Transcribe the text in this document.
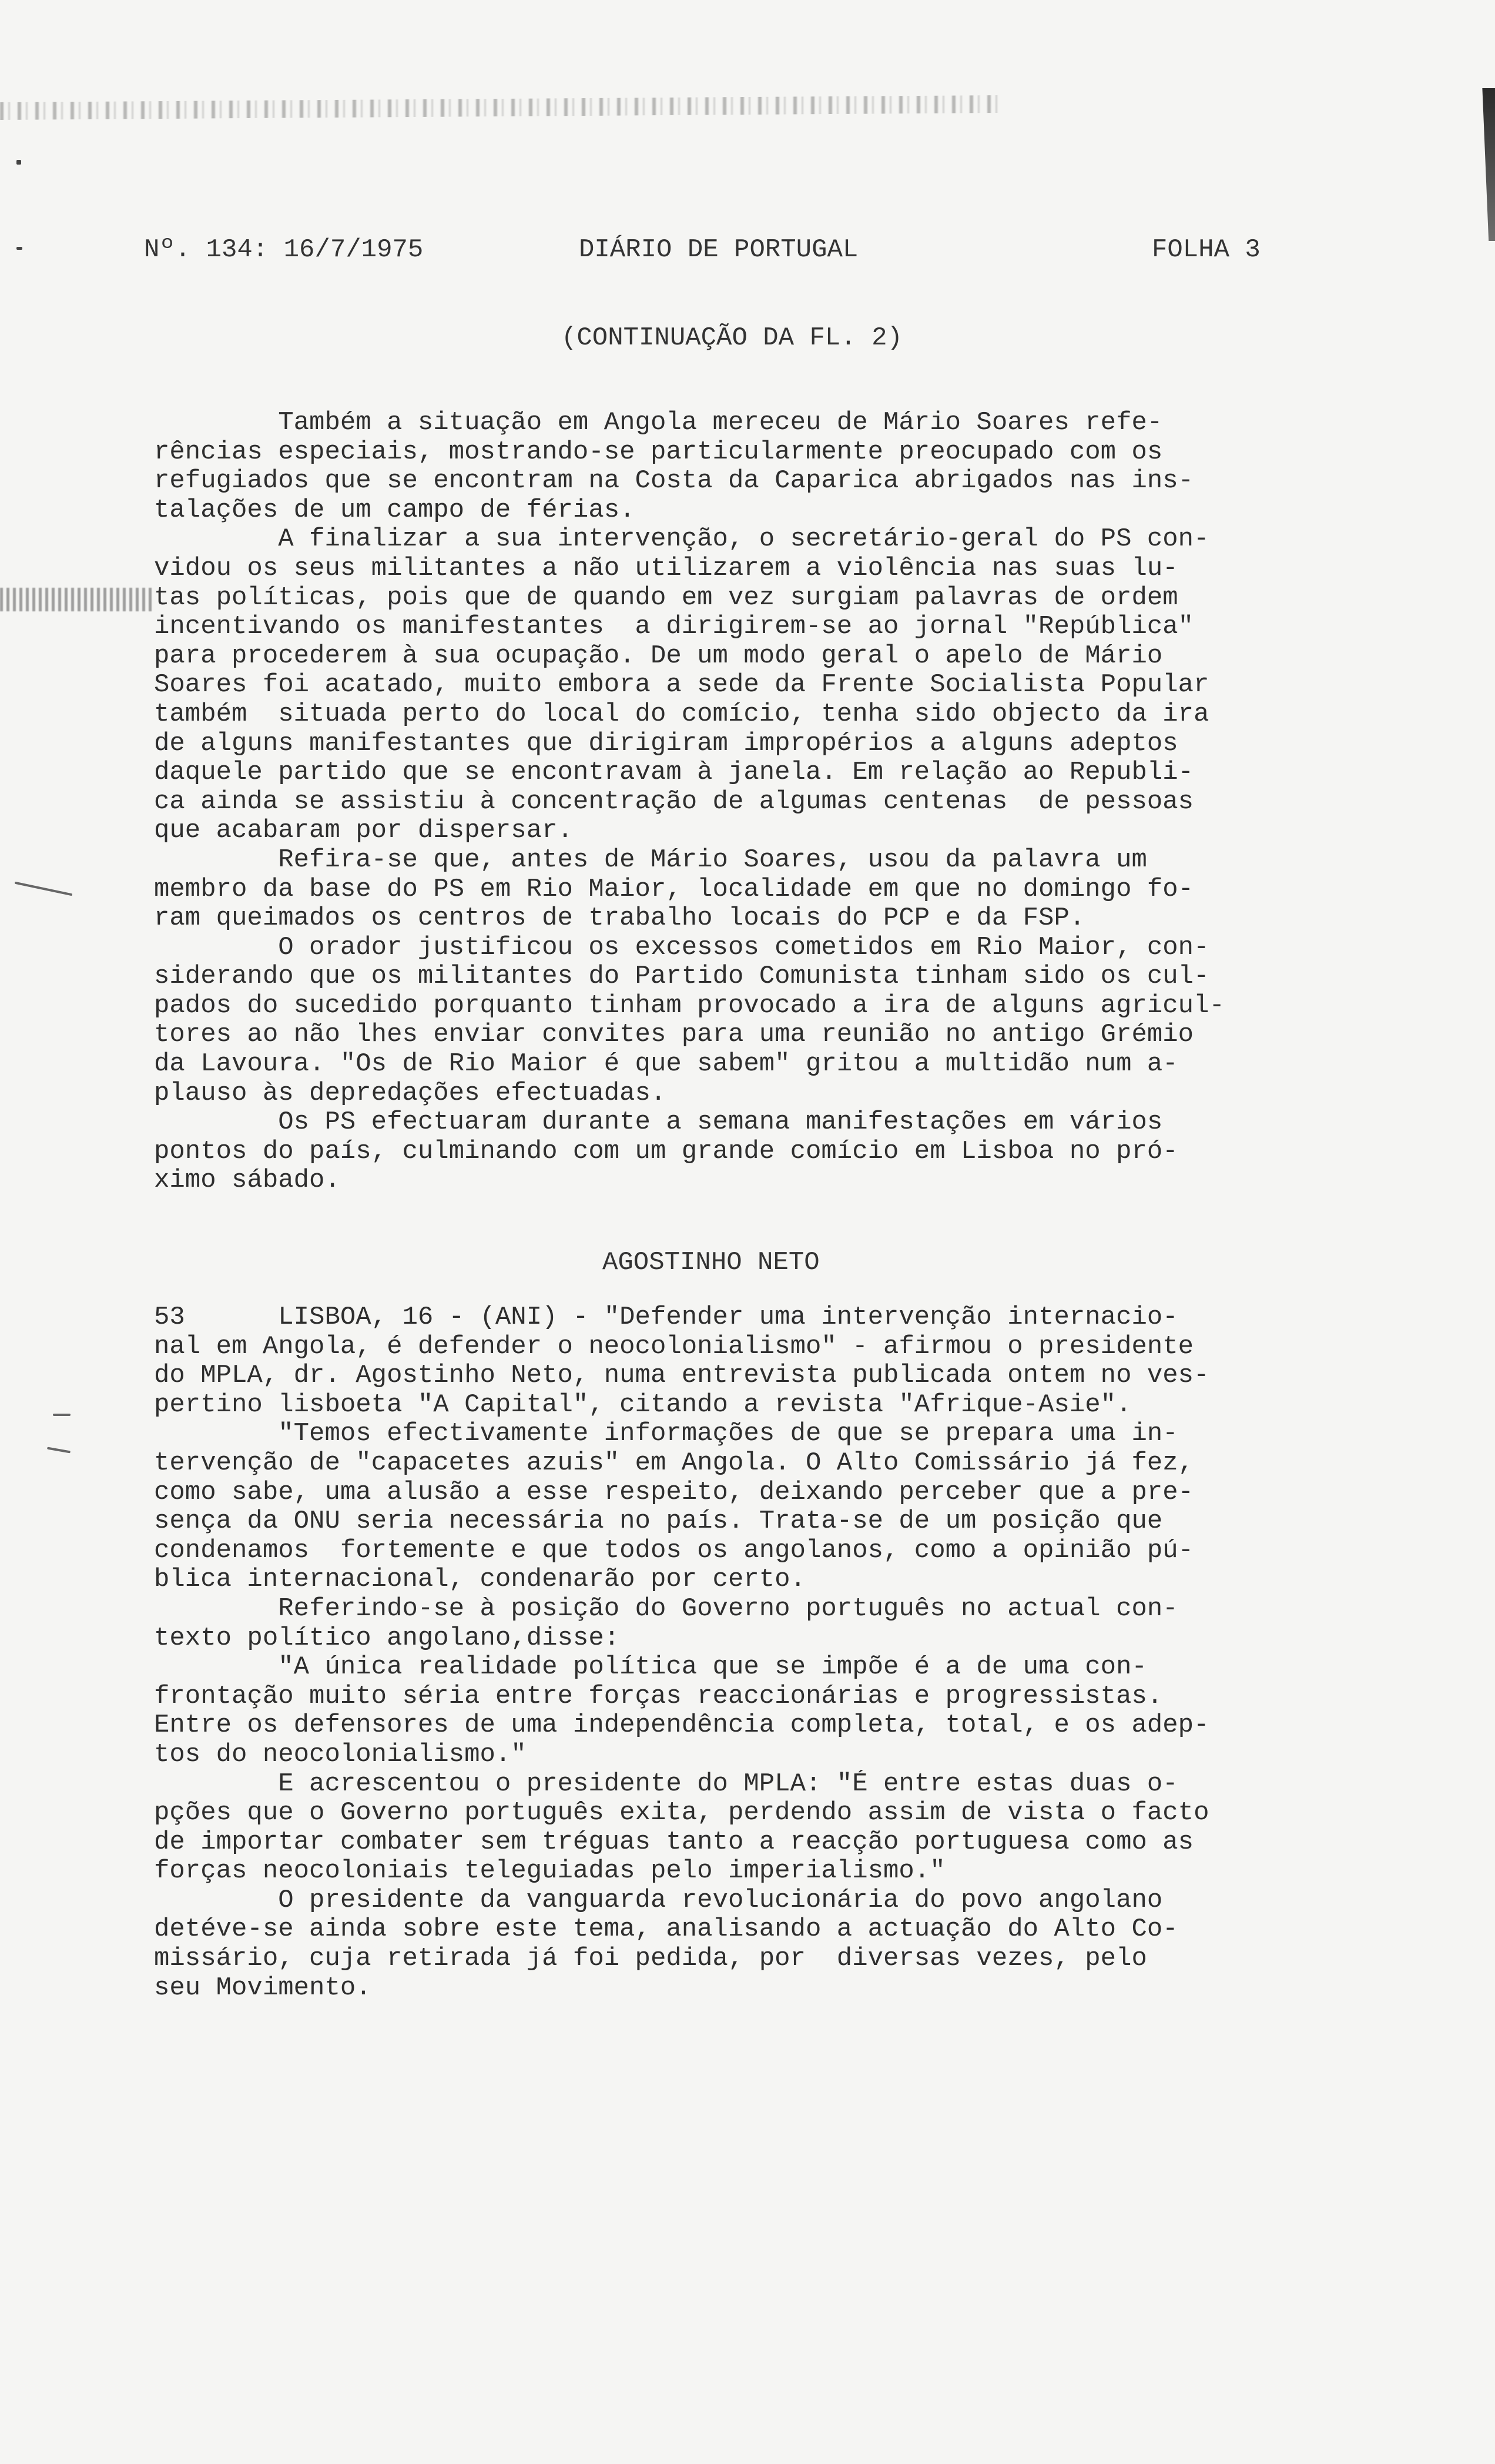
Nº. 134: 16/7/1975	DIÁRIO DE PORTUGAL	FOLHA 3
(CONTINUAÇÃO DA FL. 2)
Também a situação em Angola mereceu de Mário Soares refe-
rências especiais, mostrando-se particularmente preocupado com os
refugiados que se encontram na Costa da Caparica abrigados nas ins-
talações de um campo de férias.
A finalizar a sua intervenção, o secretário-geral do PS con-
vidou os seus militantes a não utilizarem a violência nas suas lu-
tas políticas, pois que de quando em vez surgiam palavras de ordem
incentivando os manifestantes  a dirigirem-se ao jornal "República"
para procederem à sua ocupação. De um modo geral o apelo de Mário
Soares foi acatado, muito embora a sede da Frente Socialista Popular
também  situada perto do local do comício, tenha sido objecto da ira
de alguns manifestantes que dirigiram impropérios a alguns adeptos
daquele partido que se encontravam à janela. Em relação ao Republi-
ca ainda se assistiu à concentração de algumas centenas  de pessoas
que acabaram por dispersar.
Refira-se que, antes de Mário Soares, usou da palavra um
membro da base do PS em Rio Maior, localidade em que no domingo fo-
ram queimados os centros de trabalho locais do PCP e da FSP.
O orador justificou os excessos cometidos em Rio Maior, con-
siderando que os militantes do Partido Comunista tinham sido os cul-
pados do sucedido porquanto tinham provocado a ira de alguns agricul-
tores ao não lhes enviar convites para uma reunião no antigo Grémio
da Lavoura. "Os de Rio Maior é que sabem" gritou a multidão num a-
plauso às depredações efectuadas.
Os PS efectuaram durante a semana manifestações em vários
pontos do país, culminando com um grande comício em Lisboa no pró-
ximo sábado.
AGOSTINHO NETO
53      LISBOA, 16 - (ANI) - "Defender uma intervenção internacio-
nal em Angola, é defender o neocolonialismo" - afirmou o presidente
do MPLA, dr. Agostinho Neto, numa entrevista publicada ontem no ves-
pertino lisboeta "A Capital", citando a revista "Afrique-Asie".
"Temos efectivamente informações de que se prepara uma in-
tervenção de "capacetes azuis" em Angola. O Alto Comissário já fez,
como sabe, uma alusão a esse respeito, deixando perceber que a pre-
sença da ONU seria necessária no país. Trata-se de um posição que
condenamos  fortemente e que todos os angolanos, como a opinião pú-
blica internacional, condenarão por certo.
Referindo-se à posição do Governo português no actual con-
texto político angolano,disse:
"A única realidade política que se impõe é a de uma con-
frontação muito séria entre forças reaccionárias e progressistas.
Entre os defensores de uma independência completa, total, e os adep-
tos do neocolonialismo."
E acrescentou o presidente do MPLA: "É entre estas duas o-
pções que o Governo português exita, perdendo assim de vista o facto
de importar combater sem tréguas tanto a reacção portuguesa como as
forças neocoloniais teleguiadas pelo imperialismo."
O presidente da vanguarda revolucionária do povo angolano
detéve-se ainda sobre este tema, analisando a actuação do Alto Co-
missário, cuja retirada já foi pedida, por  diversas vezes, pelo
seu Movimento.
